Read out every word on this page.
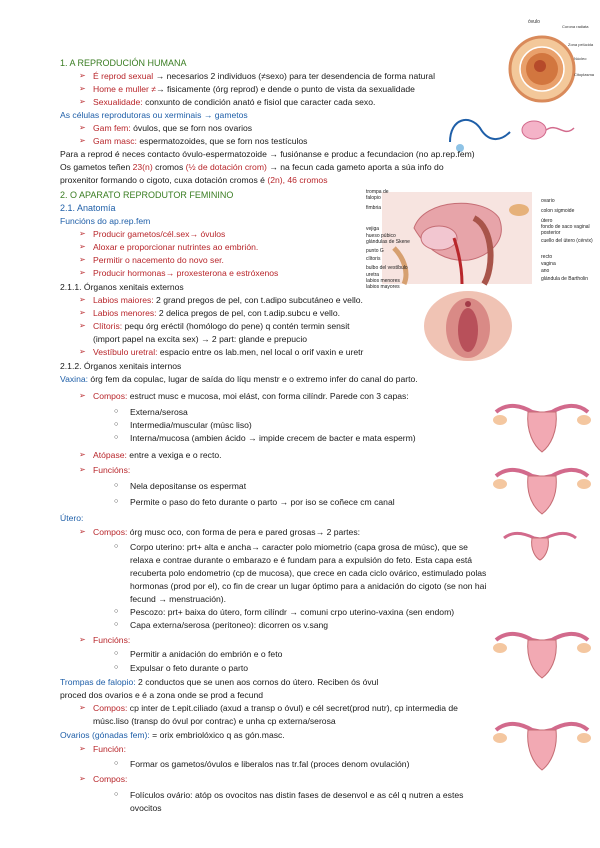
óvulo
Corona radiata
Zona pelúcida
Núcleo
Citoplasma
trompa de falopio
fimbria
vejiga
hueso púbico
glándulas de Skene
punto G
clítoris
bulbo del vestíbulo
uretra
labios menores
labios mayores
ovario
colon sigmoide
útero
fondo de saco vaginal
posterior
cuello del útero (cérvix)
recto
vagina
ano
glándula de Bartholin
1. A REPRODUCIÓN HUMANA
➢ É reprod sexual → necesarios 2 individuos (≠sexo) para ter desendencia de forma natural
➢ Home e muller ≠→ fisicamente (órg reprod) e dende o punto de vista da sexualidade
➢ Sexualidade: conxunto de condición anató e fisiol que caracter cada sexo.
As células reprodutoras ou xerminais → gametos
➢ Gam fem: óvulos, que se forn nos ovarios
➢ Gam masc: espermatozoides, que se forn nos testículos
Para a reprod é neces contacto óvulo-espermatozoide → fusiónanse e produc a fecundacion (no ap.rep.fem)
Os gametos teñen 23(n) cromos (½ de dotación crom) → na fecun cada gameto aporta a súa info do
proxenitor formando o cigoto, cuxa dotación cromos é (2n), 46 cromos
2. O APARATO REPRODUTOR FEMININO
2.1. Anatomía
Funcións do ap.rep.fem
➢ Producir gametos/cél.sex→ óvulos
➢ Aloxar e proporcionar nutrintes ao embrión.
➢ Permitir o nacemento do novo ser.
➢ Producir hormonas→ proxesterona e estróxenos
2.1.1. Órganos xenitais externos
➢ Labios maiores: 2 grand pregos de pel, con t.adipo subcutáneo e vello.
➢ Labios menores: 2 delica pregos de pel, con t.adip.subcu e vello.
➢ Clítoris: pequ órg eréctil (homólogo do pene) q contén termin sensit
(import papel na excita sex) → 2 part: glande e prepucio
➢ Vestíbulo uretral: espacio entre os lab.men, nel local o orif vaxin e uretr
2.1.2. Órganos xenitais internos
Vaxina: órg fem da copulac, lugar de saída do líqu menstr e o extremo infer do canal do parto.
➢ Compos: estruct musc e mucosa, moi elást, con forma cilíndr. Parede con 3 capas:
○ Externa/serosa
○ Intermedia/muscular (músc liso)
○ Interna/mucosa (ambien ácido → impide crecem de bacter e mata esperm)
➢ Atópase: entre a vexiga e o recto.
➢ Funcións:
○ Nela depositanse os espermat
○ Permite o paso do feto durante o parto → por iso se coñece cm canal
Útero:
➢ Compos: órg musc oco, con forma de pera e pared grosas→ 2 partes:
○ Corpo uterino: prt+ alta e ancha→ caracter polo miometrio (capa grosa de músc), que se
relaxa e contrae durante o embarazo e é fundam para a expulsión do feto. Esta capa está
recuberta polo endometrio (cp de mucosa), que crece en cada ciclo ovárico, estimulado polas
hormonas (prod por el), co fin de crear un lugar óptimo para a anidación do cigoto (se non hai
fecund → menstruación).
○ Pescozo: prt+ baixa do útero, form cilíndr → comuni crpo uterino-vaxina (sen endom)
○ Capa externa/serosa (peritoneo): dicorren os v.sang
➢ Funcións:
○ Permitir a anidación do embrión e o feto
○ Expulsar o feto durante o parto
Trompas de falopio: 2 conductos que se unen aos cornos do útero. Reciben ós óvul
proced dos ovarios e é a zona onde se prod a fecund
➢ Compos: cp inter de t.epit.ciliado (axud a transp o óvul) e cél secret(prod nutr), cp intermedia de
músc.liso (transp do óvul por contrac) e unha cp externa/serosa
Ovarios (gónadas fem): = orix embriolóxico q as gón.masc.
➢ Función:
○ Formar os gametos/óvulos e liberalos nas tr.fal (proces denom ovulación)
➢ Compos:
○ Folículos ovário: atóp os ovocitos nas distin fases de desenvol e as cél q nutren a estes
ovocitos
